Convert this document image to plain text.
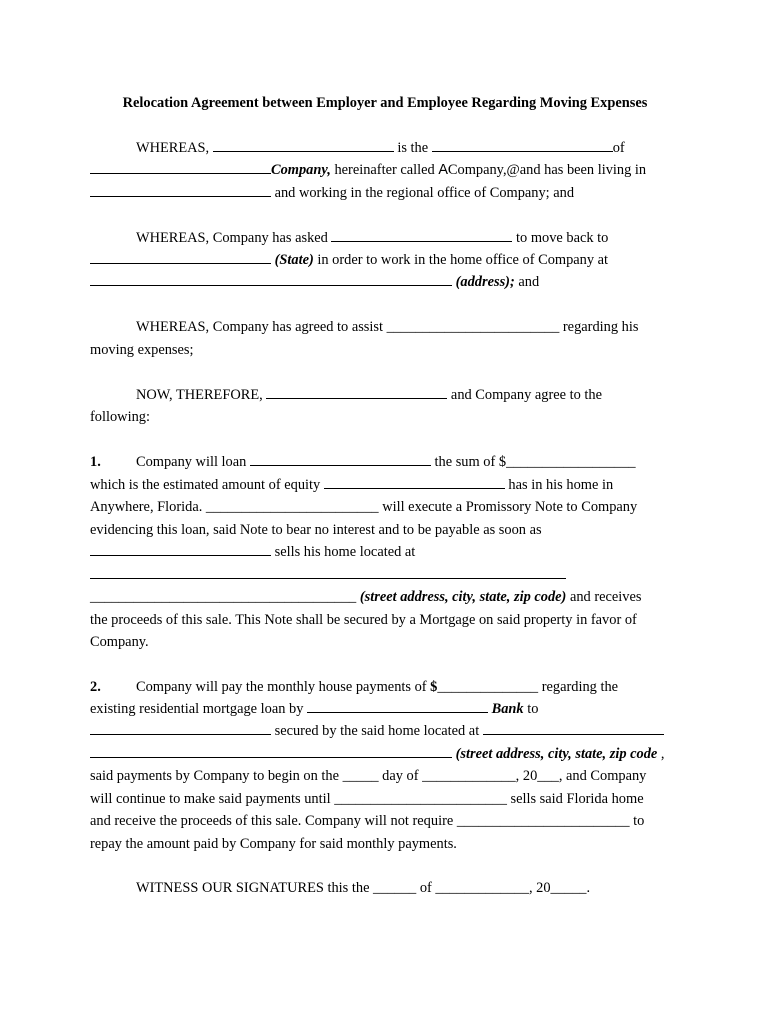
Relocation Agreement between Employer and Employee Regarding Moving Expenses
WHEREAS,	is the	of
Company, hereinafter called ACompany,@and has been living in
and working in the regional office of Company; and
WHEREAS, Company has asked	to move back to
(State) in order to work in the home office of Company at
(address); and
WHEREAS, Company has agreed to assist ________________________ regarding his
moving expenses;
NOW, THEREFORE,	and Company agree to the
following:
1. Company will loan	the sum of $__________________
which is the estimated amount of equity	has in his home in
Anywhere, Florida. ________________________ will execute a Promissory Note to Company
evidencing this loan, said Note to bear no interest and to be payable as soon as
sells his home located at
_____________________________________ (street address, city, state, zip code) and receives
the proceeds of this sale. This Note shall be secured by a Mortgage on said property in favor of
Company.
2. Company will pay the monthly house payments of $______________ regarding the
existing residential mortgage loan by	Bank to
secured by the said home located at
(street address, city, state, zip code ,
said payments by Company to begin on the _____ day of _____________, 20___, and Company
will continue to make said payments until ________________________ sells said Florida home
and receive the proceeds of this sale. Company will not require ________________________ to
repay the amount paid by Company for said monthly payments.
WITNESS OUR SIGNATURES this the ______ of _____________, 20_____.
